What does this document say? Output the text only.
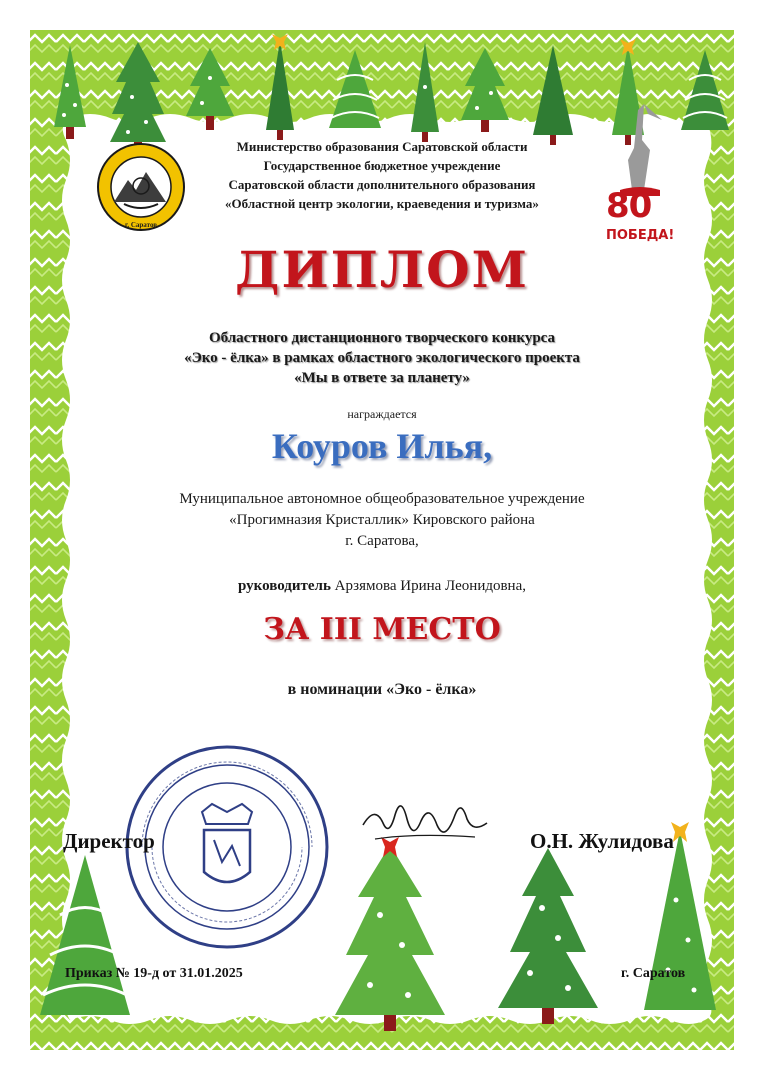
г. Саратов	80
ПОБЕДА!
Министерство образования Саратовской области
Государственное бюджетное учреждение
Саратовской области дополнительного образования
«Областной центр экологии, краеведения и туризма»
ДИПЛОМ
Областного дистанционного творческого конкурса
«Эко - ёлка» в рамках областного экологического проекта
«Мы в ответе за планету»
награждается
Коуров Илья,
Муниципальное автономное общеобразовательное учреждение
«Прогимназия Кристаллик» Кировского района
г. Саратова,
руководитель Арзямова Ирина Леонидовна,
ЗА III МЕСТО
в номинации «Эко - ёлка»
Директор	О.Н. Жулидова
Приказ № 19-д от 31.01.2025	г. Саратов
